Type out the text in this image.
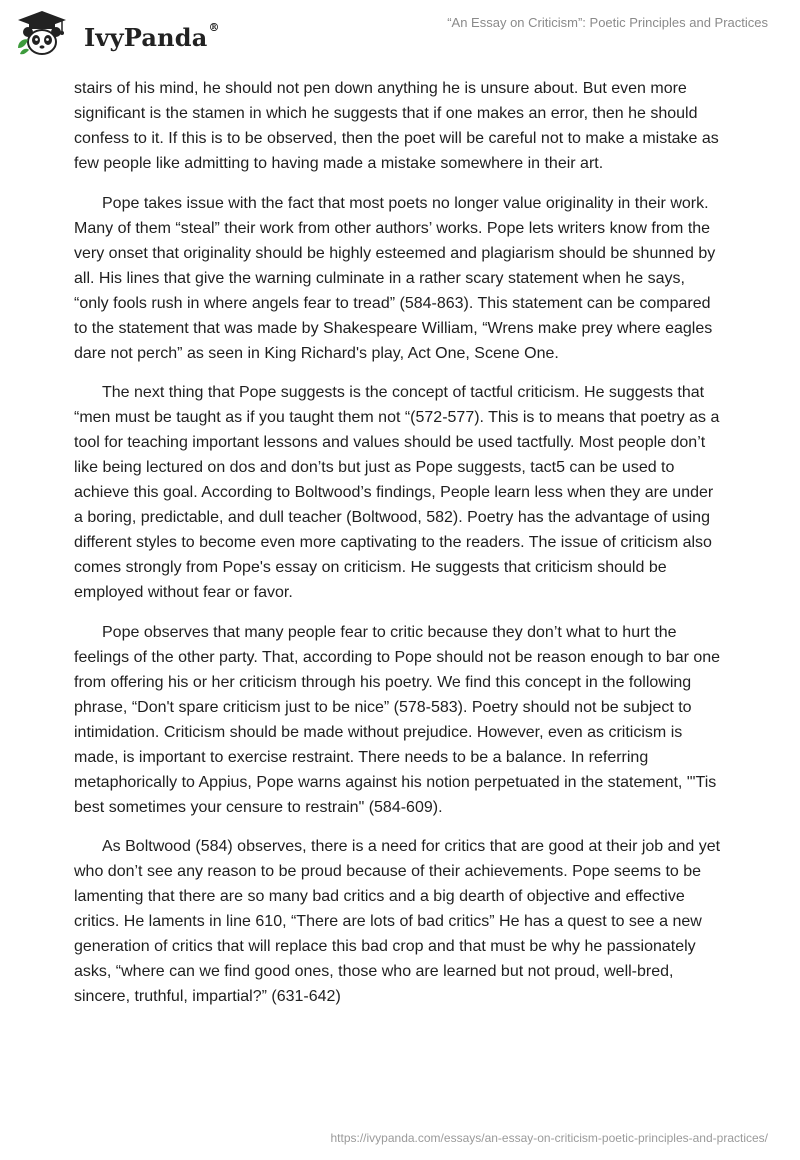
IvyPanda®	“An Essay on Criticism”: Poetic Principles and Practices

stairs of his mind, he should not pen down anything he is unsure about. But even more significant is the stamen in which he suggests that if one makes an error, then he should confess to it. If this is to be observed, then the poet will be careful not to make a mistake as few people like admitting to having made a mistake somewhere in their art.

Pope takes issue with the fact that most poets no longer value originality in their work. Many of them “steal” their work from other authors’ works. Pope lets writers know from the very onset that originality should be highly esteemed and plagiarism should be shunned by all. His lines that give the warning culminate in a rather scary statement when he says, “only fools rush in where angels fear to tread” (584-863). This statement can be compared to the statement that was made by Shakespeare William, “Wrens make prey where eagles dare not perch” as seen in King Richard's play, Act One, Scene One.

The next thing that Pope suggests is the concept of tactful criticism. He suggests that “men must be taught as if you taught them not “(572-577). This is to means that poetry as a tool for teaching important lessons and values should be used tactfully. Most people don’t like being lectured on dos and don’ts but just as Pope suggests, tact5 can be used to achieve this goal. According to Boltwood’s findings, People learn less when they are under a boring, predictable, and dull teacher (Boltwood, 582). Poetry has the advantage of using different styles to become even more captivating to the readers. The issue of criticism also comes strongly from Pope's essay on criticism. He suggests that criticism should be employed without fear or favor.

Pope observes that many people fear to critic because they don’t what to hurt the feelings of the other party. That, according to Pope should not be reason enough to bar one from offering his or her criticism through his poetry. We find this concept in the following phrase, “Don't spare criticism just to be nice” (578-583). Poetry should not be subject to intimidation. Criticism should be made without prejudice. However, even as criticism is made, is important to exercise restraint. There needs to be a balance. In referring metaphorically to Appius, Pope warns against his notion perpetuated in the statement, "'Tis best sometimes your censure to restrain" (584-609).

As Boltwood (584) observes, there is a need for critics that are good at their job and yet who don’t see any reason to be proud because of their achievements. Pope seems to be lamenting that there are so many bad critics and a big dearth of objective and effective critics. He laments in line 610, “There are lots of bad critics” He has a quest to see a new generation of critics that will replace this bad crop and that must be why he passionately asks, “where can we find good ones, those who are learned but not proud, well-bred, sincere, truthful, impartial?” (631-642)

https://ivypanda.com/essays/an-essay-on-criticism-poetic-principles-and-practices/
